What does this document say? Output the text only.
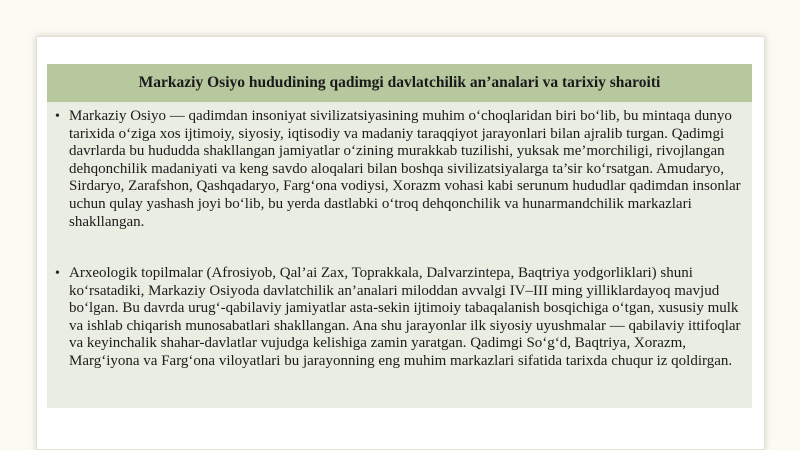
Markaziy Osiyo hududining qadimgi davlatchilik an’analari va tarixiy sharoiti
• Markaziy Osiyo — qadimdan insoniyat sivilizatsiyasining muhim o‘choqlaridan biri bo‘lib, bu mintaqa dunyo tarixida o‘ziga xos ijtimoiy, siyosiy, iqtisodiy va madaniy taraqqiyot jarayonlari bilan ajralib turgan. Qadimgi davrlarda bu hududda shakllangan jamiyatlar o‘zining murakkab tuzilishi, yuksak me’morchiligi, rivojlangan dehqonchilik madaniyati va keng savdo aloqalari bilan boshqa sivilizatsiyalarga ta’sir ko‘rsatgan. Amudaryo, Sirdaryo, Zarafshon, Qashqadaryo, Farg‘ona vodiysi, Xorazm vohasi kabi serunum hududlar qadimdan insonlar uchun qulay yashash joyi bo‘lib, bu yerda dastlabki o‘troq dehqonchilik va hunarmandchilik markazlari shakllangan.

• Arxeologik topilmalar (Afrosiyob, Qal’ai Zax, Toprakkala, Dalvarzintepa, Baqtriya yodgorliklari) shuni ko‘rsatadiki, Markaziy Osiyoda davlatchilik an’analari miloddan avvalgi IV–III ming yilliklardayoq mavjud bo‘lgan. Bu davrda urug‘-qabilaviy jamiyatlar asta-sekin ijtimoiy tabaqalanish bosqichiga o‘tgan, xususiy mulk va ishlab chiqarish munosabatlari shakllangan. Ana shu jarayonlar ilk siyosiy uyushmalar — qabilaviy ittifoqlar va keyinchalik shahar-davlatlar vujudga kelishiga zamin yaratgan. Qadimgi So‘g‘d, Baqtriya, Xorazm, Marg‘iyona va Farg‘ona viloyatlari bu jarayonning eng muhim markazlari sifatida tarixda chuqur iz qoldirgan.
